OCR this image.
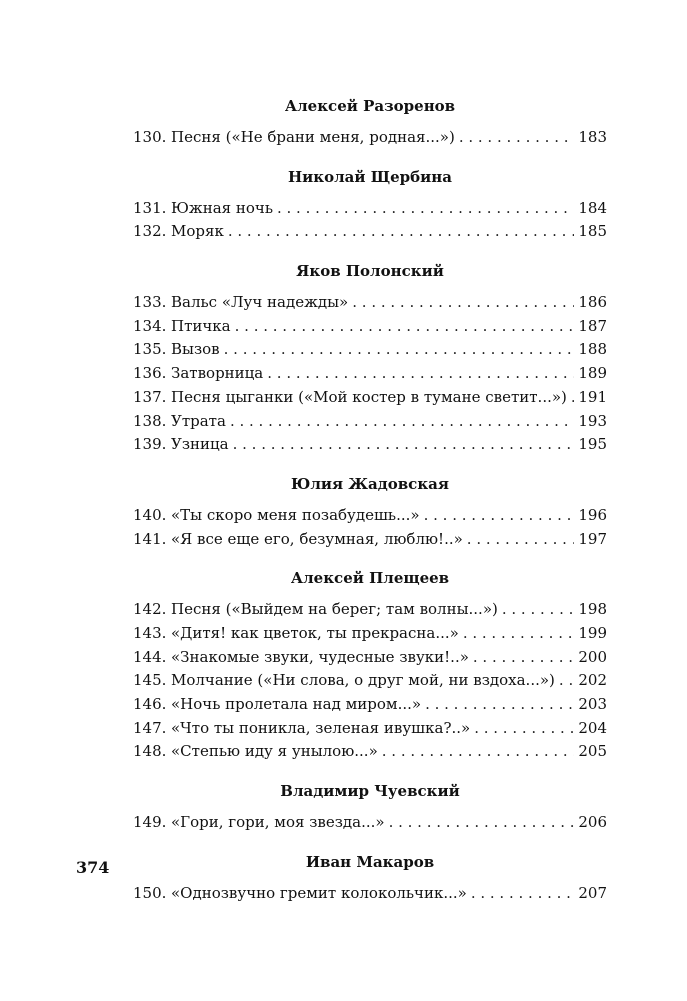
Алексей Разоренов
130. Песня («Не брани меня, родная...») . . .	183
Николай Щербина
131. Южная ночь . . .	184
132. Моряк . . .	185
Яков Полонский
133. Вальс «Луч надежды» . . .	186
134. Птичка . . .	187
135. Вызов . . .	188
136. Затворница . . .	189
137. Песня цыганки («Мой костер в тумане светит...») . . . 191
138. Утрата . . .	193
139. Узница . . .	195
Юлия Жадовская
140. «Ты скоро меня позабудешь...» . . .	196
141. «Я все еще его, безумная, люблю!..» . . .	197
Алексей Плещеев
142. Песня («Выйдем на берег; там волны...») . . .	198
143. «Дитя! как цветок, ты прекрасна...» . . .	199
144. «Знакомые звуки, чудесные звуки!..» . . .	200
145. Молчание («Ни слова, о друг мой, ни вздоха...») . . . 202
146. «Ночь пролетала над миром...» . . .	203
147. «Что ты поникла, зеленая ивушка?..» . . .	204
148. «Степью иду я унылою...» . . .	205
Владимир Чуевский
149. «Гори, гори, моя звезда...» . . .	206
Иван Макаров
150. «Однозвучно гремит колокольчик...» . . .	207
374
